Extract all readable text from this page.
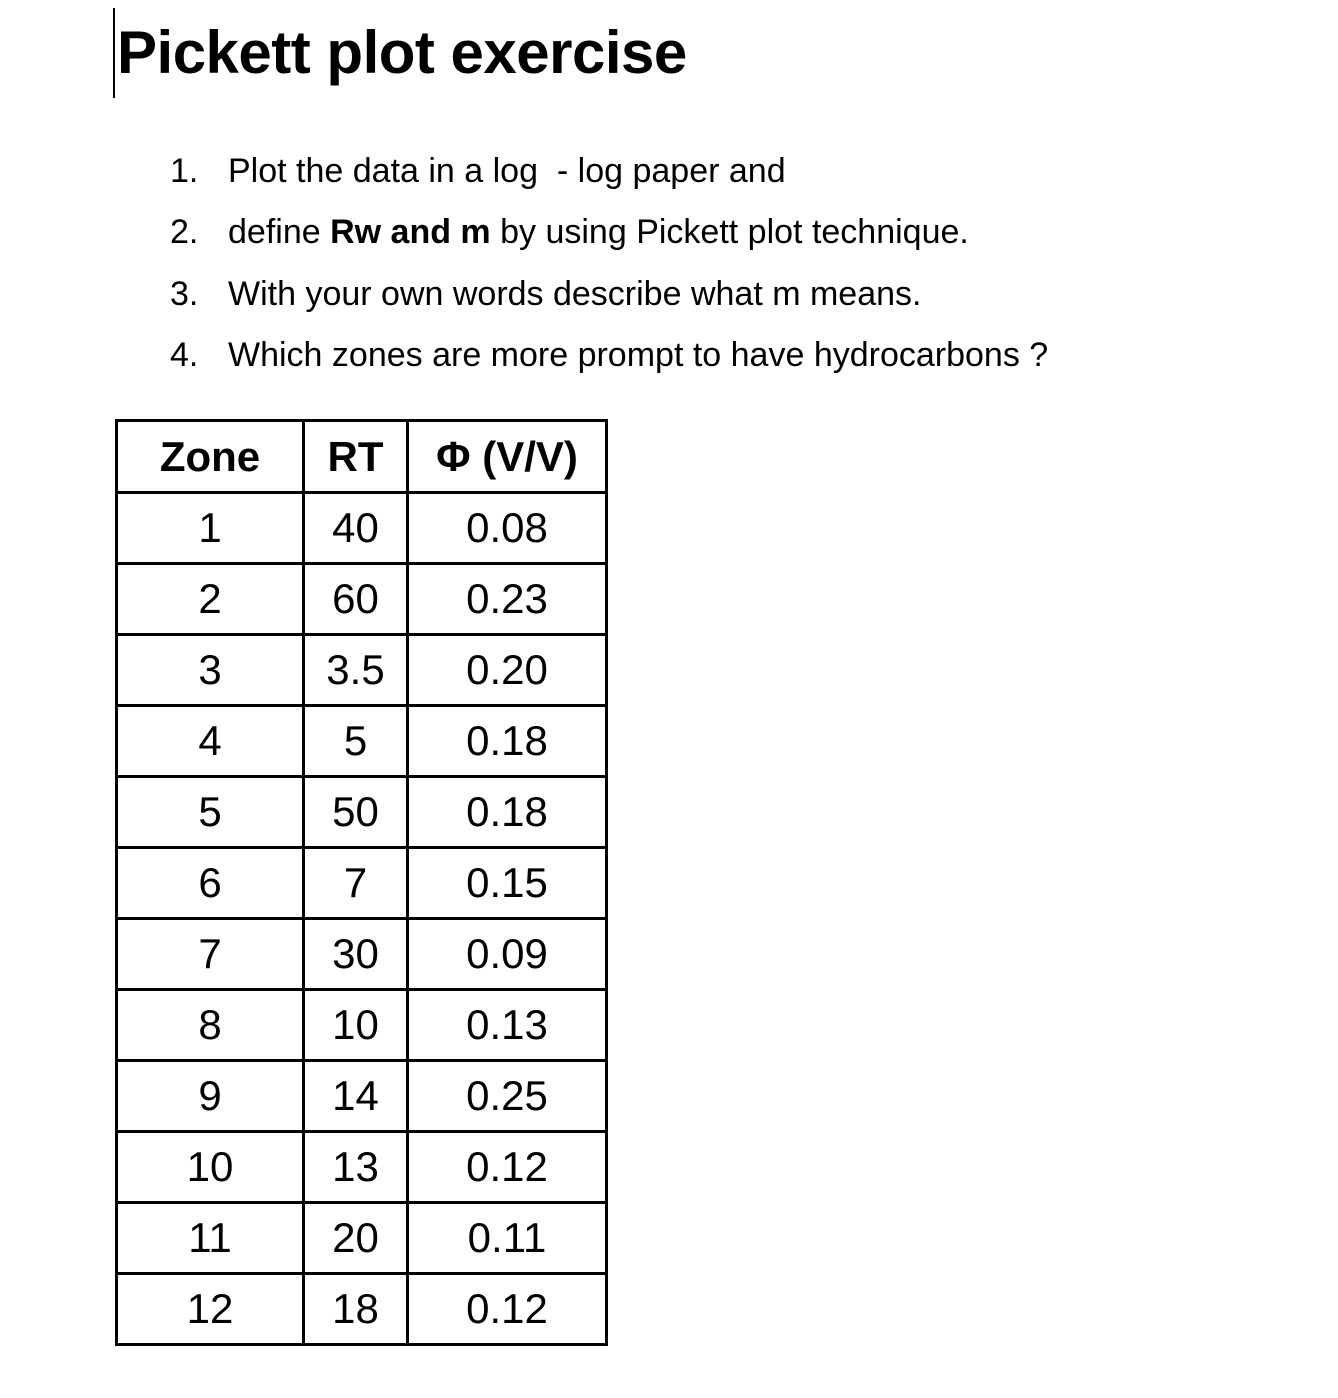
Pickett plot exercise
1. Plot the data in a log  - log paper and
2. define Rw and m by using Pickett plot technique.
3. With your own words describe what m means.
4. Which zones are more prompt to have hydrocarbons ?
Zone	RT	Φ (V/V)
1	40	0.08
2	60	0.23
3	3.5	0.20
4	5	0.18
5	50	0.18
6	7	0.15
7	30	0.09
8	10	0.13
9	14	0.25
10	13	0.12
11	20	0.11
12	18	0.12
